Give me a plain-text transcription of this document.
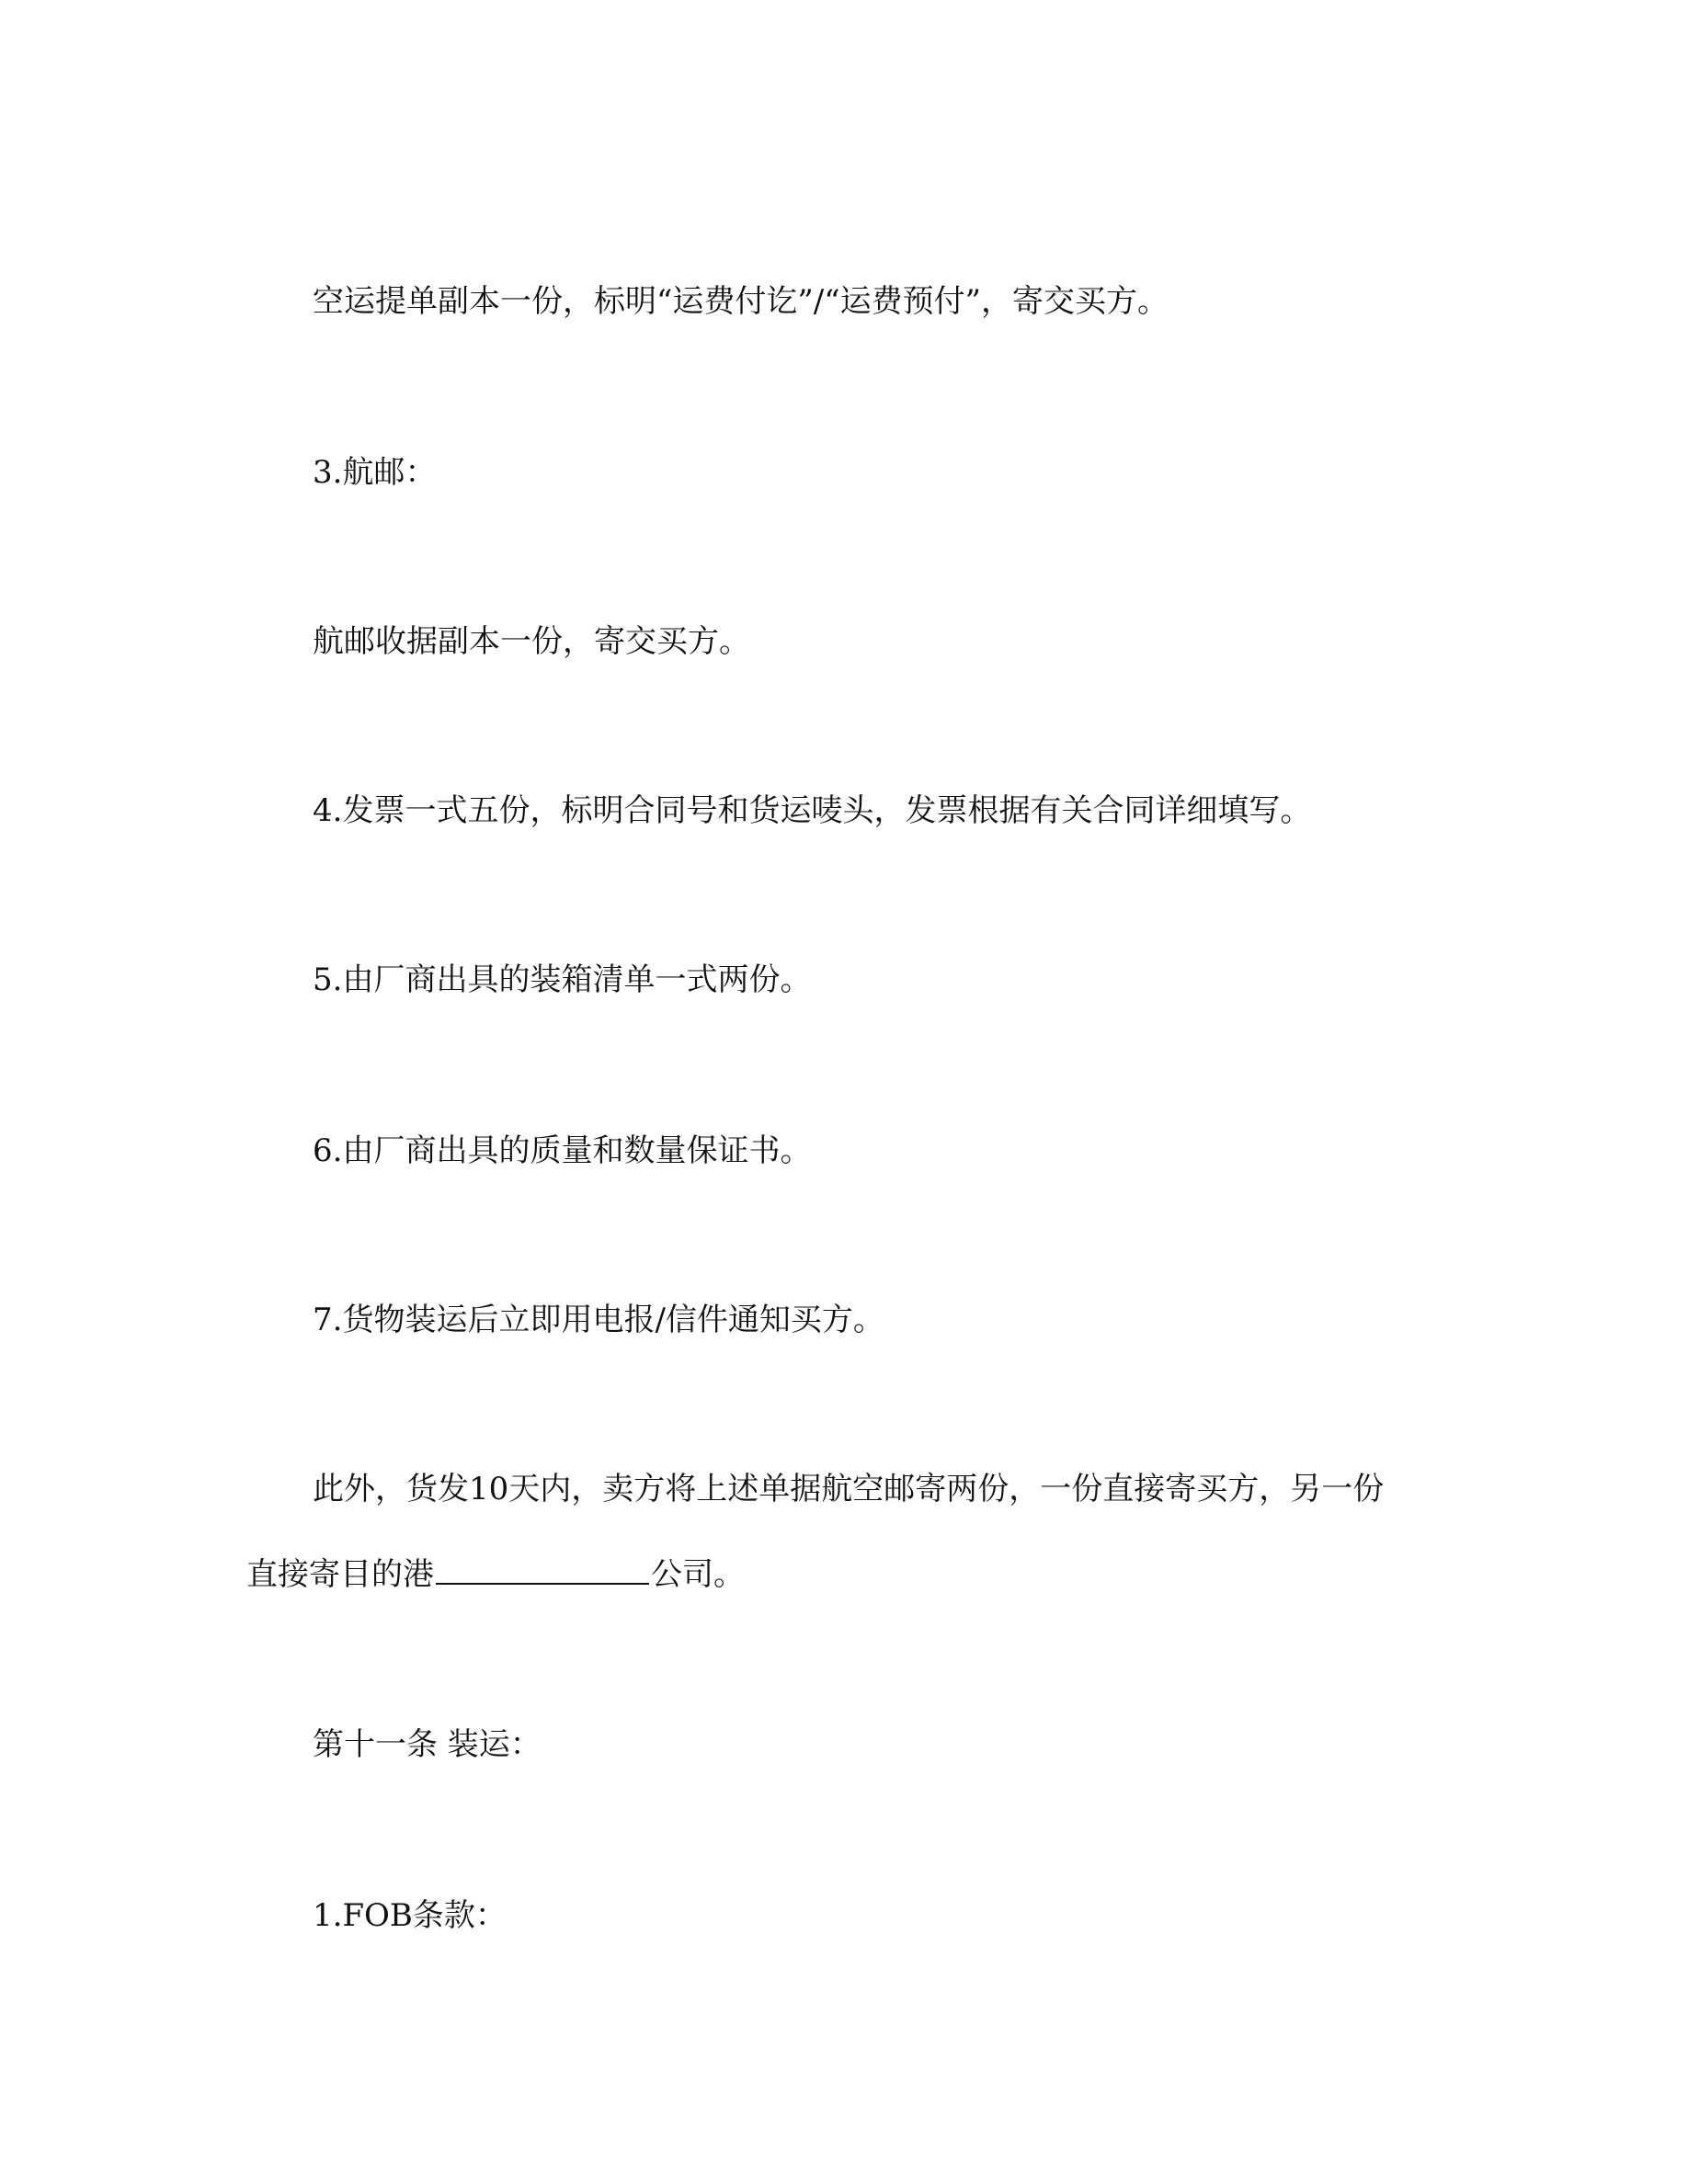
空运提单副本一份，标明“运费付讫”/“运费预付”，寄交买方。
3.航邮：
航邮收据副本一份，寄交买方。
4.发票一式五份，标明合同号和货运唛头，发票根据有关合同详细填写。
5.由厂商出具的装箱清单一式两份。
6.由厂商出具的质量和数量保证书。
7.货物装运后立即用电报/信件通知买方。
此外，货发10天内，卖方将上述单据航空邮寄两份，一份直接寄买方，另一份
直接寄目的港	公司。
第十一条 装运：
1.FOB条款：
